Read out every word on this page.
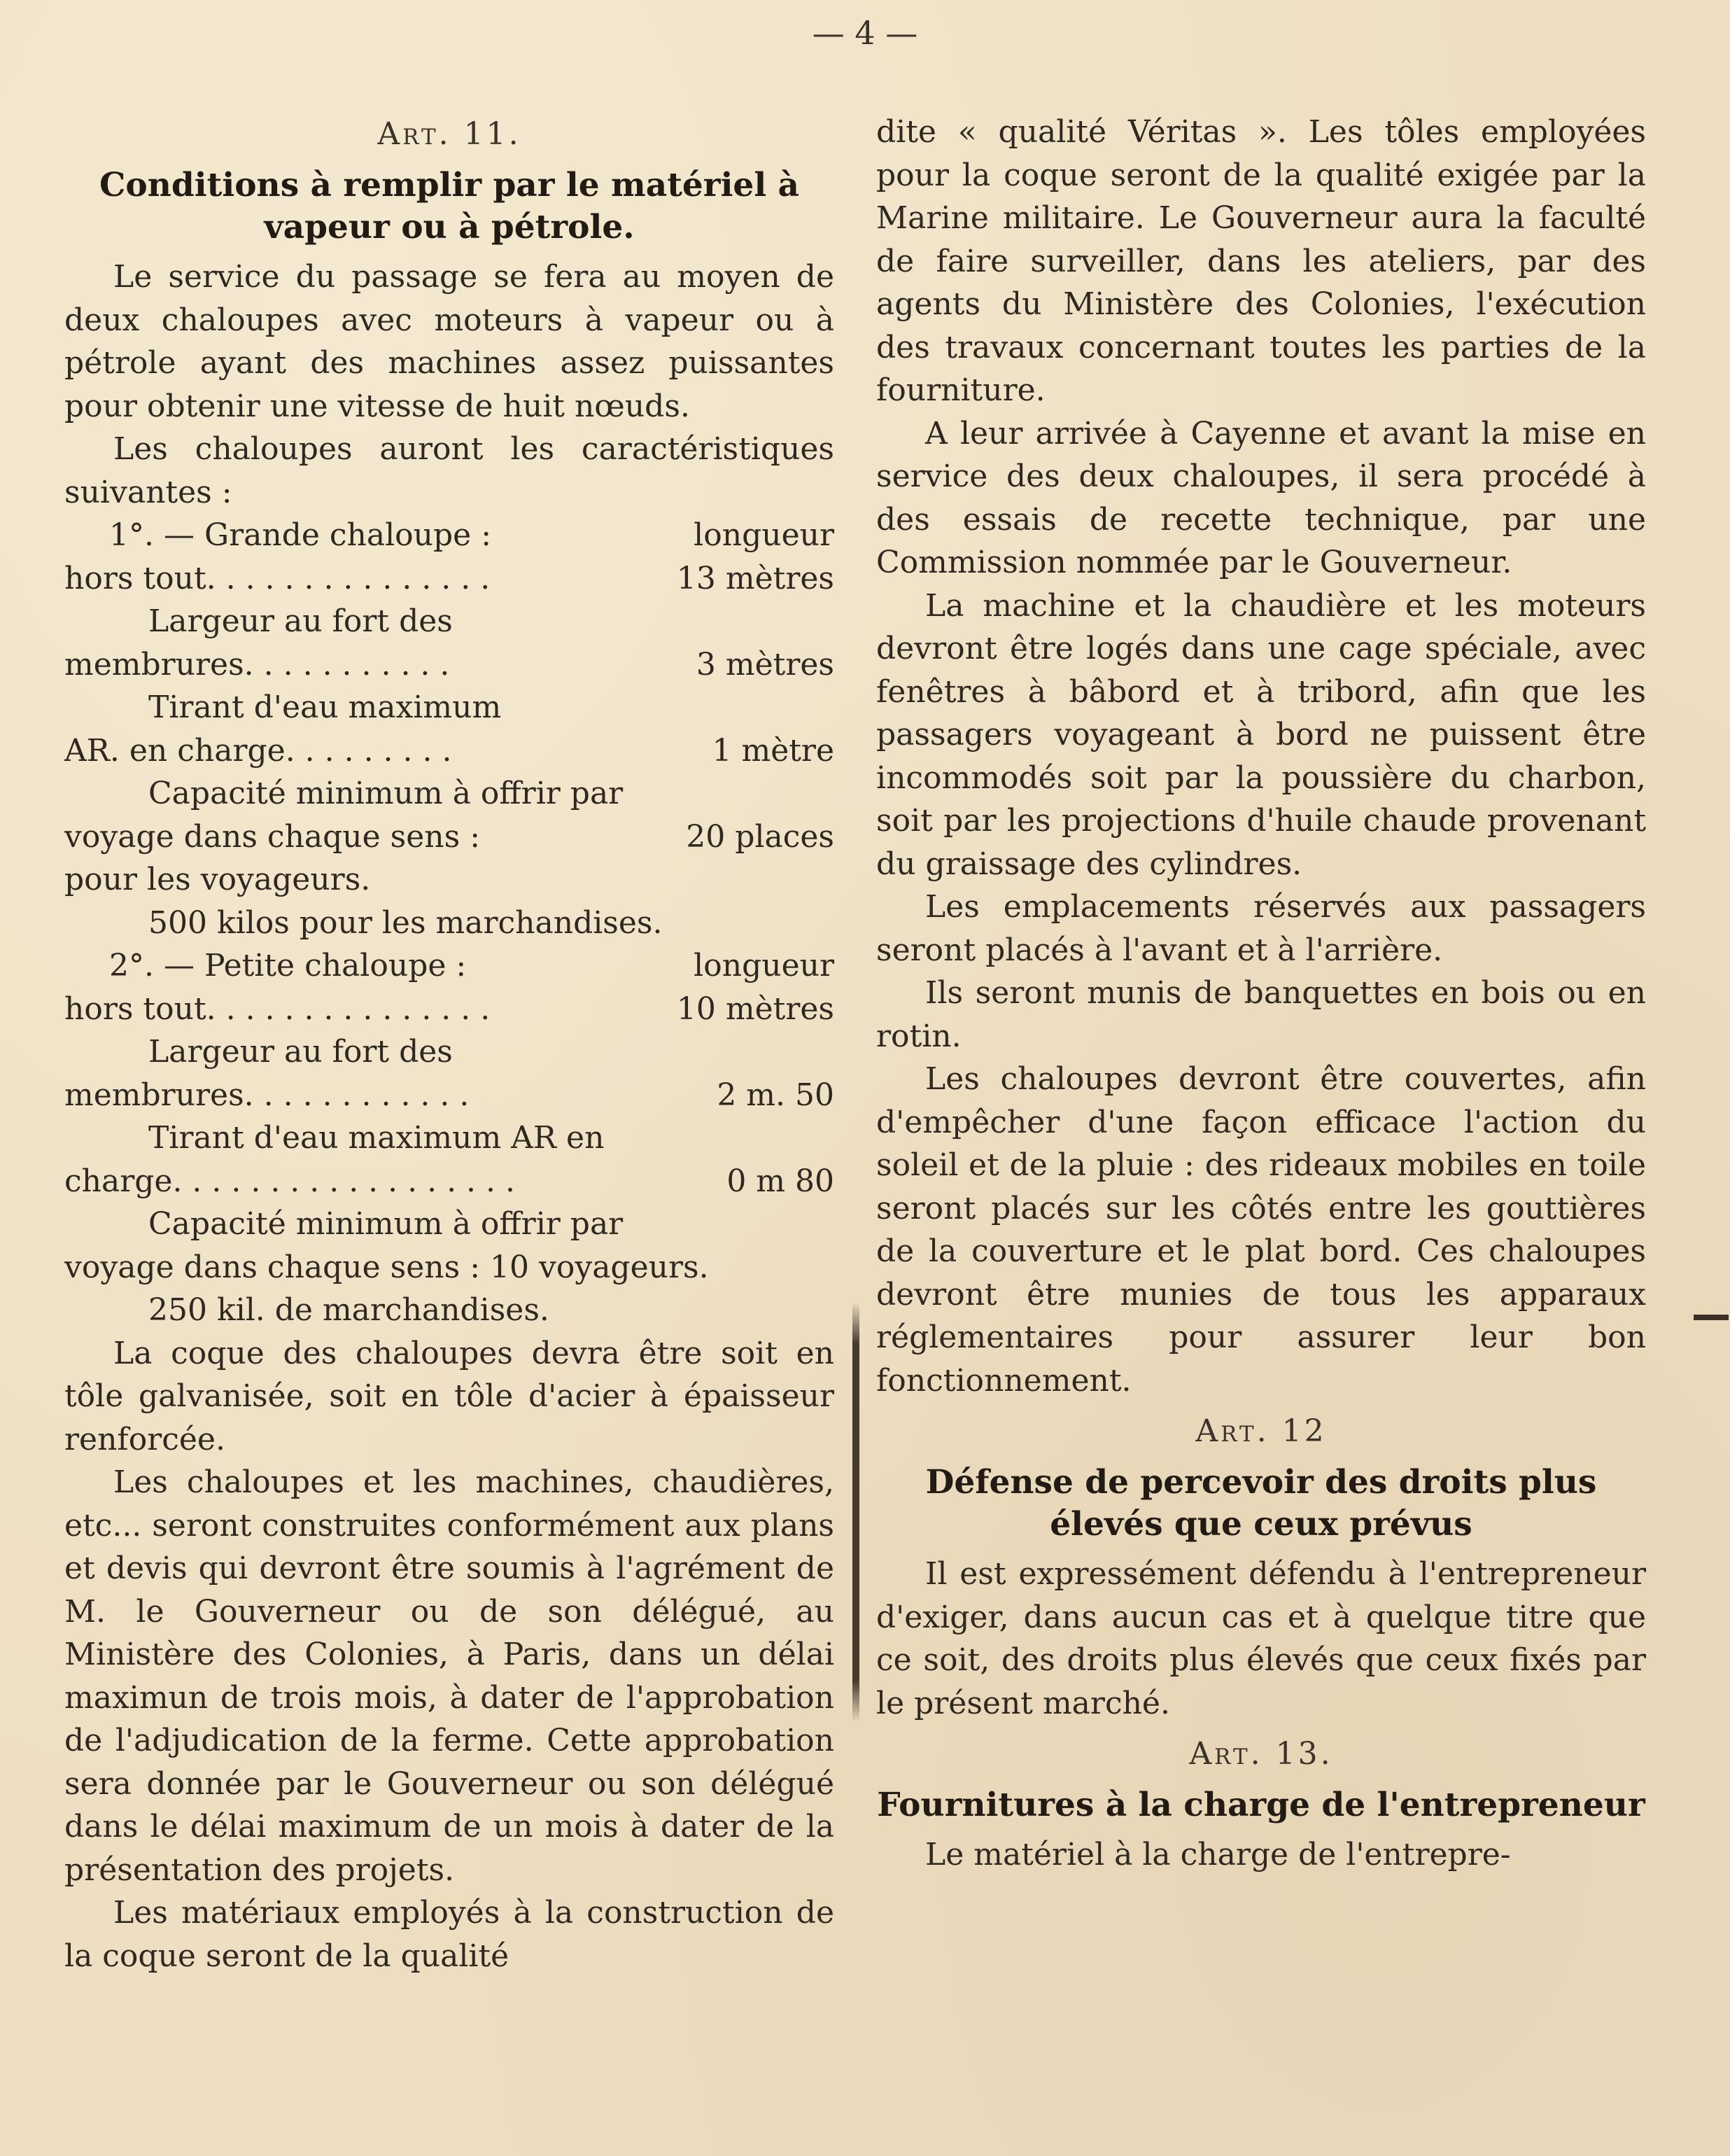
— 4 —
Art. 11.
Conditions à remplir par le matériel à vapeur ou à pétrole.

Le service du passage se fera au moyen de deux chaloupes avec moteurs à vapeur ou à pétrole ayant des machines assez puissantes pour obtenir une vitesse de huit nœuds.

Les chaloupes auront les caractéristiques suivantes :

1°. — Grande chaloupe :	longueur
hors tout. . . . . . . . . . . . . . .	13 mètres
Largeur au fort des
membrures. . . . . . . . . . .	3 mètres
Tirant d'eau maximum
AR. en charge. . . . . . . . .	1 mètre
Capacité minimum à offrir par
voyage dans chaque sens :	20 places
pour les voyageurs.
500 kilos pour les marchandises.
2°. — Petite chaloupe :	longueur
hors tout. . . . . . . . . . . . . . .	10 mètres
Largeur au fort des
membrures. . . . . . . . . . . .	2 m. 50
Tirant d'eau maximum AR en
charge. . . . . . . . . . . . . . . . . .	0 m 80
Capacité minimum à offrir par
voyage dans chaque sens : 10 voyageurs.
250 kil. de marchandises.

La coque des chaloupes devra être soit en tôle galvanisée, soit en tôle d'acier à épaisseur renforcée.

Les chaloupes et les machines, chaudières, etc... seront construites conformément aux plans et devis qui devront être soumis à l'agrément de M. le Gouverneur ou de son délégué, au Ministère des Colonies, à Paris, dans un délai maximun de trois mois, à dater de l'approbation de l'adjudication de la ferme. Cette approbation sera donnée par le Gouverneur ou son délégué dans le délai maximum de un mois à dater de la présentation des projets.

Les matériaux employés à la construction de la coque seront de la qualité

dite « qualité Véritas ». Les tôles employées pour la coque seront de la qualité exigée par la Marine militaire. Le Gouverneur aura la faculté de faire surveiller, dans les ateliers, par des agents du Ministère des Colonies, l'exécution des travaux concernant toutes les parties de la fourniture.

A leur arrivée à Cayenne et avant la mise en service des deux chaloupes, il sera procédé à des essais de recette technique, par une Commission nommée par le Gouverneur.

La machine et la chaudière et les moteurs devront être logés dans une cage spéciale, avec fenêtres à bâbord et à tribord, afin que les passagers voyageant à bord ne puissent être incommodés soit par la poussière du charbon, soit par les projections d'huile chaude provenant du graissage des cylindres.

Les emplacements réservés aux passagers seront placés à l'avant et à l'arrière.

Ils seront munis de banquettes en bois ou en rotin.

Les chaloupes devront être couvertes, afin d'empêcher d'une façon efficace l'action du soleil et de la pluie : des rideaux mobiles en toile seront placés sur les côtés entre les gouttières de la couverture et le plat bord. Ces chaloupes devront être munies de tous les apparaux réglementaires pour assurer leur bon fonctionnement.

Art. 12
Défense de percevoir des droits plus élevés que ceux prévus

Il est expressément défendu à l'entrepreneur d'exiger, dans aucun cas et à quelque titre que ce soit, des droits plus élevés que ceux fixés par le présent marché.

Art. 13.
Fournitures à la charge de l'entrepreneur

Le matériel à la charge de l'entrepre-
